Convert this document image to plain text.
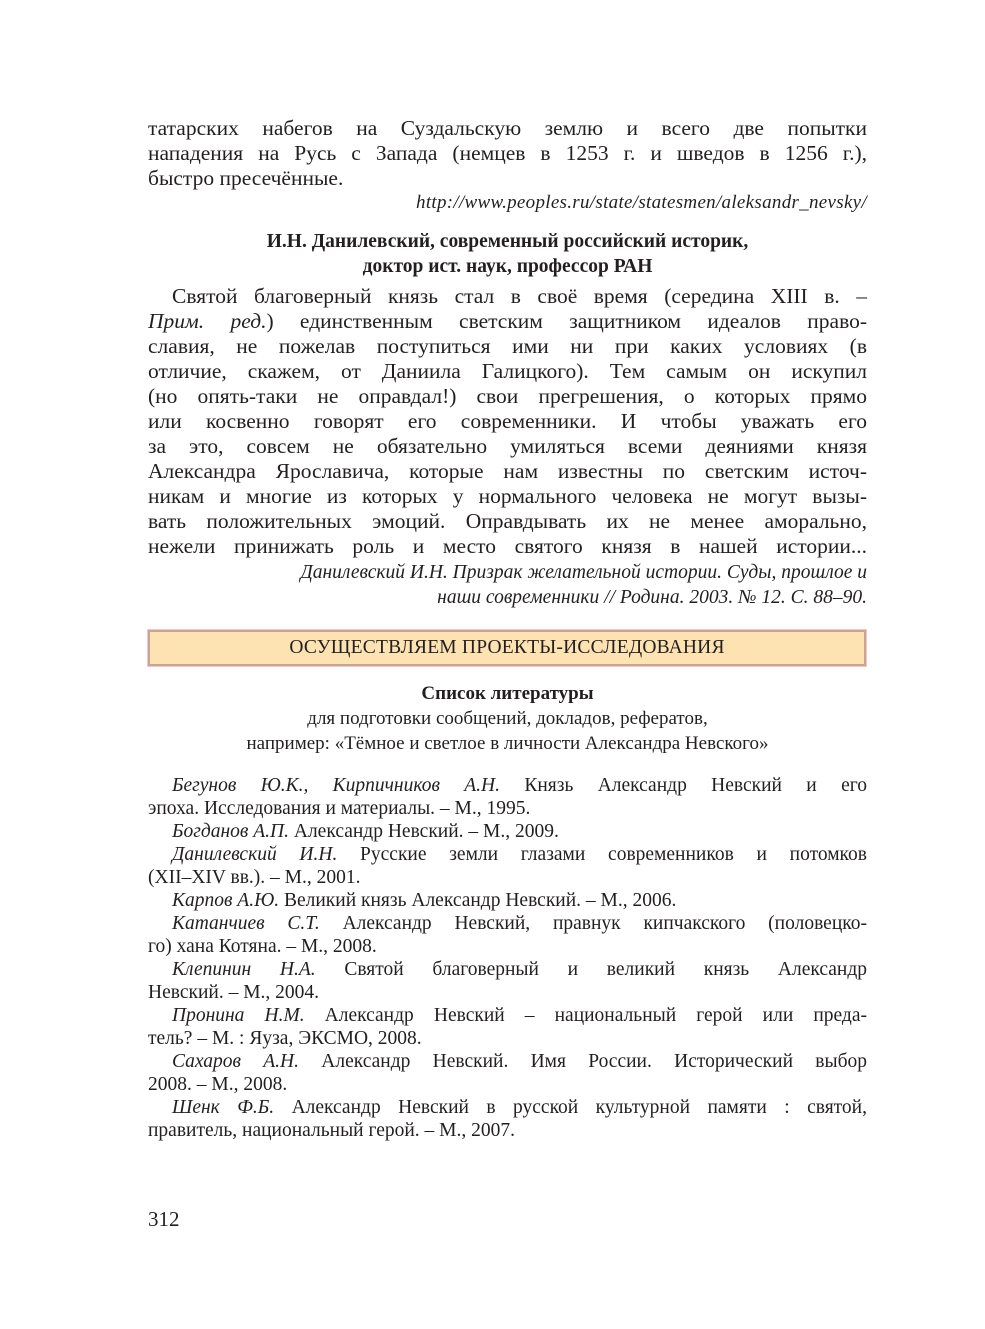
татарских набегов на Суздальскую землю и всего две попытки
нападения на Русь с Запада (немцев в 1253 г. и шведов в 1256 г.),
быстро пресечённые.
http://www.peoples.ru/state/statesmen/aleksandr_nevsky/
И.Н. Данилевский, современный российский историк,
доктор ист. наук, профессор РАН
Святой благоверный князь стал в своё время (середина XIII в. –
Прим. ред.) единственным светским защитником идеалов право-
славия, не пожелав поступиться ими ни при каких условиях (в
отличие, скажем, от Даниила Галицкого). Тем самым он искупил
(но опять-таки не оправдал!) свои прегрешения, о которых прямо
или косвенно говорят его современники. И чтобы уважать его
за это, совсем не обязательно умиляться всеми деяниями князя
Александра Ярославича, которые нам известны по светским источ-
никам и многие из которых у нормального человека не могут вызы-
вать положительных эмоций. Оправдывать их не менее аморально,
нежели принижать роль и место святого князя в нашей истории...
Данилевский И.Н. Призрак желательной истории. Суды, прошлое и
наши современники // Родина. 2003. № 12. С. 88–90.
ОСУЩЕСТВЛЯЕМ ПРОЕКТЫ-ИССЛЕДОВАНИЯ
Список литературы
для подготовки сообщений, докладов, рефератов,
например: «Тёмное и светлое в личности Александра Невского»
Бегунов Ю.К., Кирпичников А.Н. Князь Александр Невский и его
эпоха. Исследования и материалы. – М., 1995.
Богданов А.П. Александр Невский. – М., 2009.
Данилевский И.Н. Русские земли глазами современников и потомков
(XII–XIV вв.). – М., 2001.
Карпов А.Ю. Великий князь Александр Невский. – М., 2006.
Катанчиев С.Т. Александр Невский, правнук кипчакского (половецко-
го) хана Котяна. – М., 2008.
Клепинин Н.А. Святой благоверный и великий князь Александр
Невский. – М., 2004.
Пронина Н.М. Александр Невский – национальный герой или преда-
тель? – М. : Яуза, ЭКСМО, 2008.
Сахаров А.Н. Александр Невский. Имя России. Исторический выбор
2008. – М., 2008.
Шенк Ф.Б. Александр Невский в русской культурной памяти : святой,
правитель, национальный герой. – М., 2007.
312
